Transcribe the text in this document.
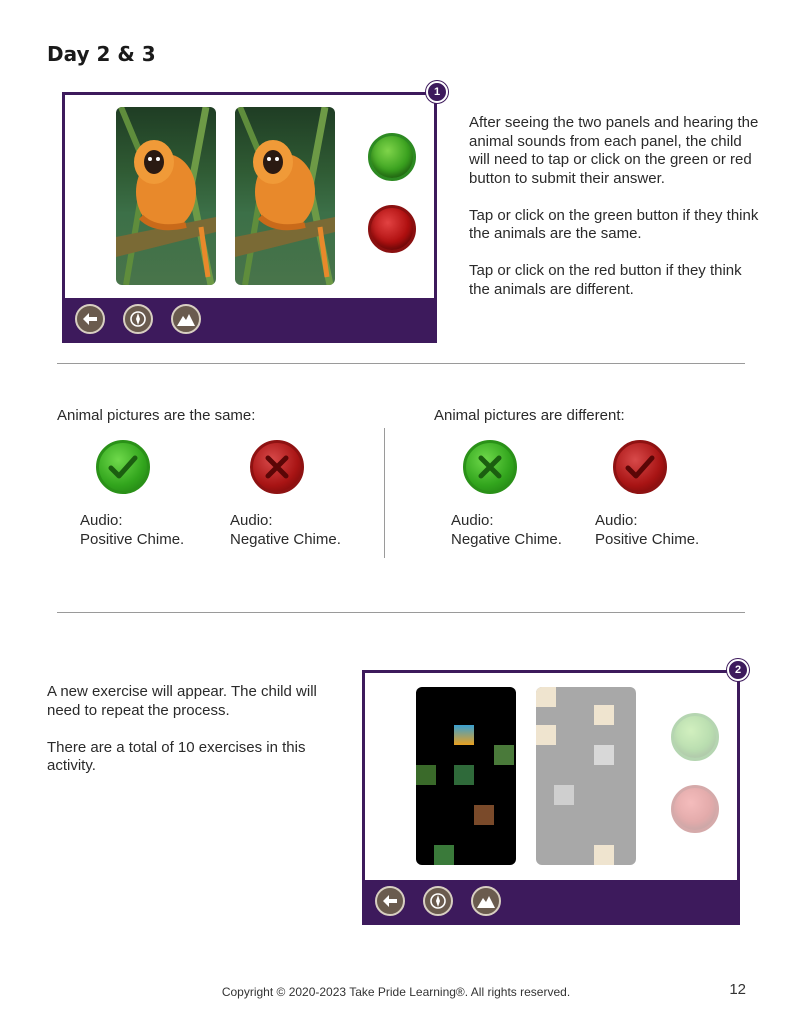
Day 2 & 3
1

After seeing the two panels and hearing the animal sounds from each panel, the child will need to tap or click on the green or red button to submit their answer.

Tap or click on the green button if they think the animals are the same.

Tap or click on the red button if they think the animals are different.

Animal pictures are the same:	Animal pictures are different:
Audio:
Positive Chime.
Audio:
Negative Chime.
Audio:
Negative Chime.
Audio:
Positive Chime.

A new exercise will appear. The child will need to repeat the process.

There are a total of 10 exercises in this activity.

2
Copyright © 2020-2023 Take Pride Learning®. All rights reserved.	12
